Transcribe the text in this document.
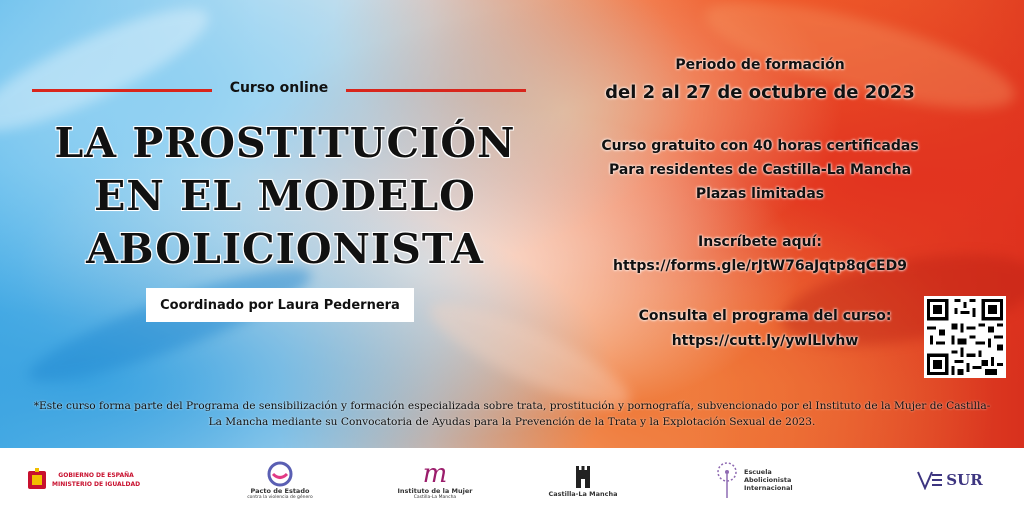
Curso online
LA PROSTITUCIÓN
EN EL MODELO
ABOLICIONISTA
Coordinado por Laura Pedernera
Periodo de formación
del 2 al 27 de octubre de 2023
Curso gratuito con 40 horas certificadas
Para residentes de Castilla-La Mancha
Plazas limitadas
Inscríbete aquí:
https://forms.gle/rJtW76aJqtp8qCED9
Consulta el programa del curso:
https://cutt.ly/ywlLIvhw
*Este curso forma parte del Programa de sensibilización y formación especializada sobre trata, prostitución y pornografía, subvencionado por el Instituto de la Mujer de Castilla-La Mancha mediante su Convocatoria de Ayudas para la Prevención de la Trata y la Explotación Sexual de 2023.
GOBIERNO DE ESPAÑA
MINISTERIO DE IGUALDAD
Pacto de Estado
contra la violencia de género
m
Instituto de la Mujer
Castilla-La Mancha	Castilla-La Mancha
Escuela Abolicionista Internacional	SUR
